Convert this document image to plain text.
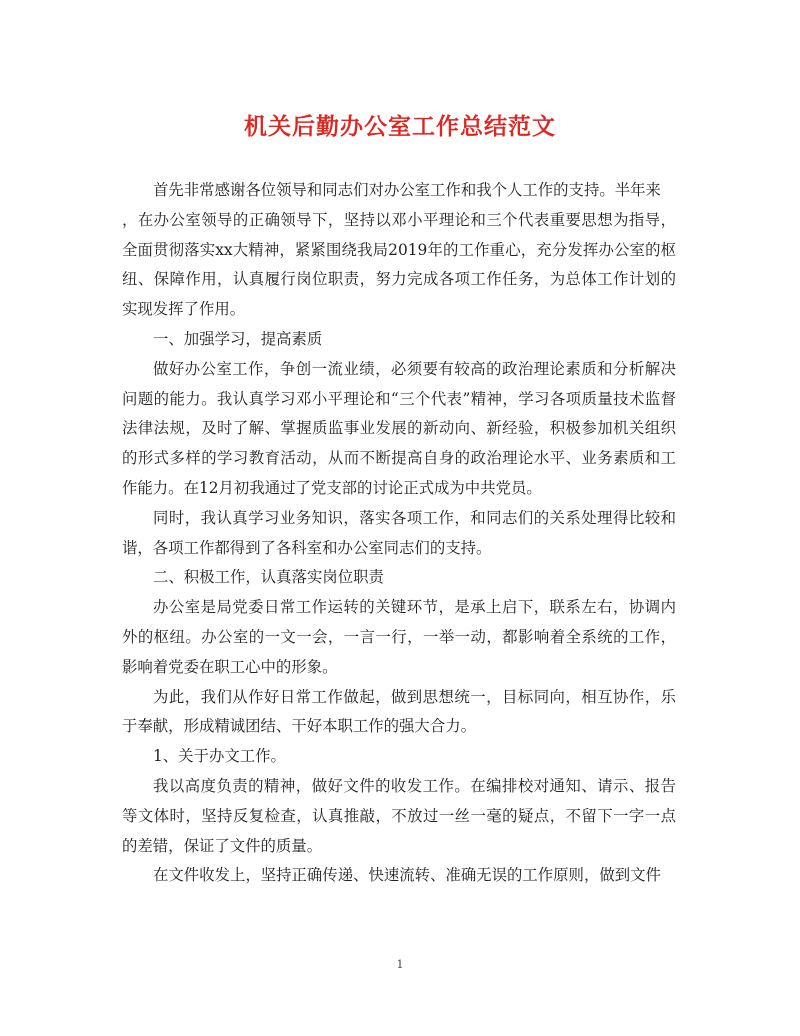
机关后勤办公室工作总结范文

首先非常感谢各位领导和同志们对办公室工作和我个人工作的支持。半年来

，在办公室领导的正确领导下，坚持以邓小平理论和三个代表重要思想为指导，全面贯彻落实xx大精神，紧紧围绕我局2019年的工作重心，充分发挥办公室的枢纽、保障作用，认真履行岗位职责，努力完成各项工作任务，为总体工作计划的实现发挥了作用。

一、加强学习，提高素质

做好办公室工作，争创一流业绩，必须要有较高的政治理论素质和分析解决问题的能力。我认真学习邓小平理论和“三个代表”精神，学习各项质量技术监督法律法规，及时了解、掌握质监事业发展的新动向、新经验，积极参加机关组织的形式多样的学习教育活动，从而不断提高自身的政治理论水平、业务素质和工作能力。在12月初我通过了党支部的讨论正式成为中共党员。

同时，我认真学习业务知识，落实各项工作，和同志们的关系处理得比较和谐，各项工作都得到了各科室和办公室同志们的支持。

二、积极工作，认真落实岗位职责

办公室是局党委日常工作运转的关键环节，是承上启下，联系左右，协调内外的枢纽。办公室的一文一会，一言一行，一举一动，都影响着全系统的工作，影响着党委在职工心中的形象。

为此，我们从作好日常工作做起，做到思想统一，目标同向，相互协作，乐于奉献，形成精诚团结、干好本职工作的强大合力。

1、关于办文工作。

我以高度负责的精神，做好文件的收发工作。在编排校对通知、请示、报告等文体时，坚持反复检查，认真推敲，不放过一丝一毫的疑点，不留下一字一点的差错，保证了文件的质量。

在文件收发上，坚持正确传递、快速流转、准确无误的工作原则，做到文件

1
